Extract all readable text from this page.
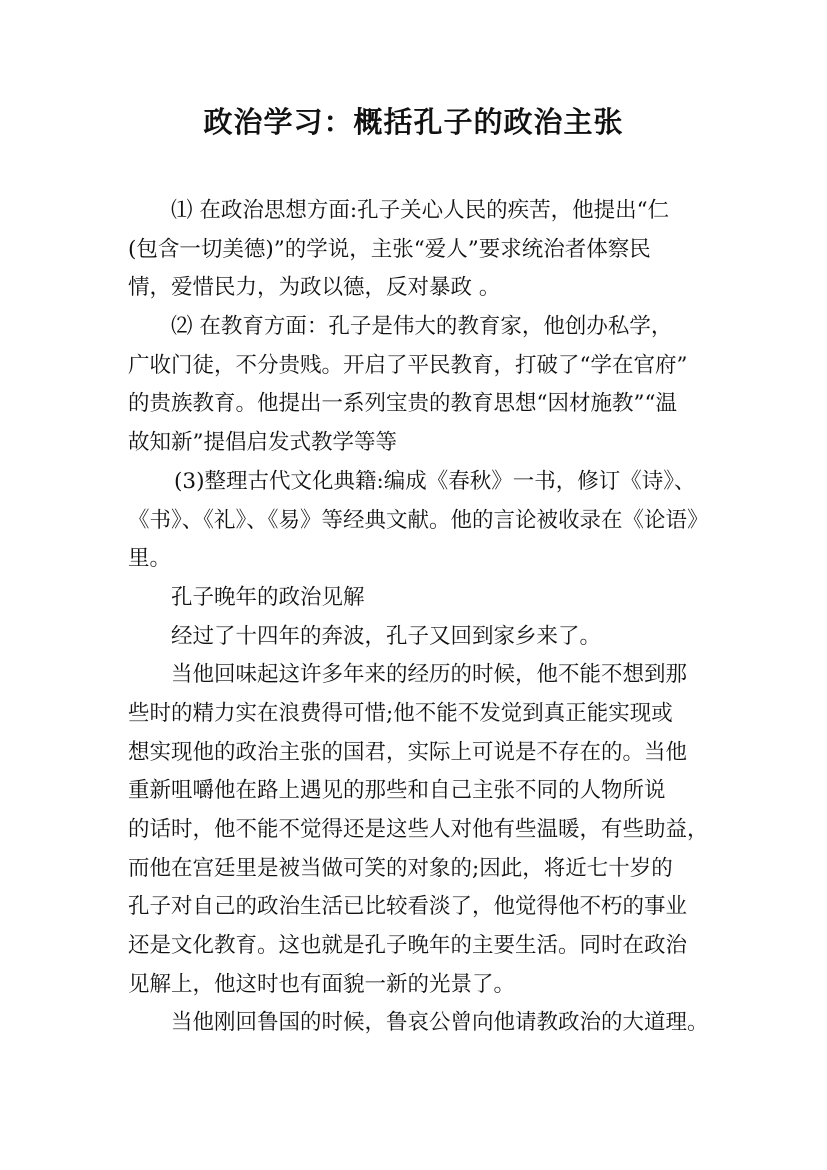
政治学习：概括孔子的政治主张
⑴ 在政治思想方面:孔子关心人民的疾苦，他提出“仁
(包含一切美德)”的学说，主张“爱人”要求统治者体察民
情，爱惜民力，为政以德，反对暴政 。
⑵ 在教育方面：孔子是伟大的教育家，他创办私学，
广收门徒，不分贵贱。开启了平民教育，打破了“学在官府”
的贵族教育。他提出一系列宝贵的教育思想“因材施教”“温
故知新”提倡启发式教学等等
(3)整理古代文化典籍:编成《春秋》一书，修订《诗》、
《书》、《礼》、《易》等经典文献。他的言论被收录在《论语》
里。
孔子晚年的政治见解
经过了十四年的奔波，孔子又回到家乡来了。
当他回味起这许多年来的经历的时候，他不能不想到那
些时的精力实在浪费得可惜;他不能不发觉到真正能实现或
想实现他的政治主张的国君，实际上可说是不存在的。当他
重新咀嚼他在路上遇见的那些和自己主张不同的人物所说
的话时，他不能不觉得还是这些人对他有些温暖，有些助益，
而他在宫廷里是被当做可笑的对象的;因此，将近七十岁的
孔子对自己的政治生活已比较看淡了，他觉得他不朽的事业
还是文化教育。这也就是孔子晚年的主要生活。同时在政治
见解上，他这时也有面貌一新的光景了。
当他刚回鲁国的时候，鲁哀公曾向他请教政治的大道理。
